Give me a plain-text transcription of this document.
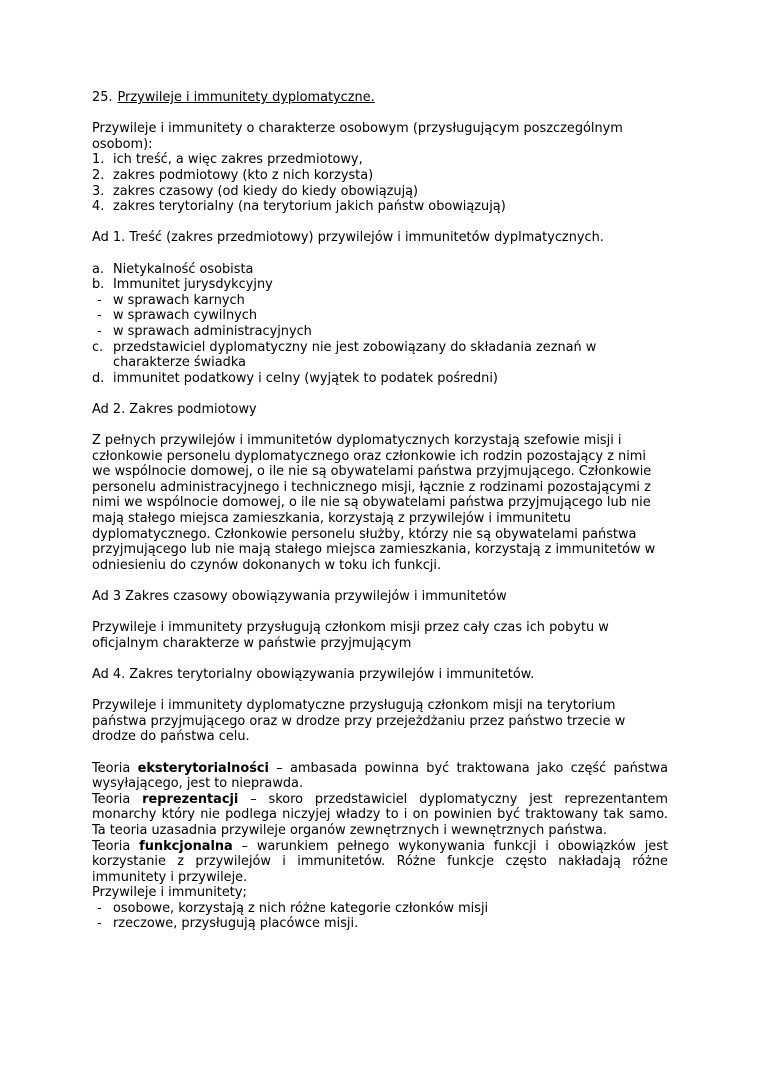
25. Przywileje i immunitety dyplomatyczne.

Przywileje i immunitety o charakterze osobowym (przysługującym poszczególnym osobom):

1. ich treść, a więc zakres przedmiotowy,
2. zakres podmiotowy (kto z nich korzysta)
3. zakres czasowy (od kiedy do kiedy obowiązują)
4. zakres terytorialny (na terytorium jakich państw obowiązują)

Ad 1. Treść (zakres przedmiotowy) przywilejów i immunitetów dyplmatycznych.

a. Nietykalność osobista
b. Immunitet jurysdykcyjny
- w sprawach karnych
- w sprawach cywilnych
- w sprawach administracyjnych
c. przedstawiciel dyplomatyczny nie jest zobowiązany do składania zeznań w charakterze świadka
d. immunitet podatkowy i celny (wyjątek to podatek pośredni)

Ad 2. Zakres podmiotowy

Z pełnych przywilejów i immunitetów dyplomatycznych korzystają szefowie misji i członkowie personelu dyplomatycznego oraz członkowie ich rodzin pozostający z nimi we wspólnocie domowej, o ile nie są obywatelami państwa przyjmującego. Członkowie personelu administracyjnego i technicznego misji, łącznie z rodzinami pozostającymi z nimi we wspólnocie domowej, o ile nie są obywatelami państwa przyjmującego lub nie mają stałego miejsca zamieszkania, korzystają z przywilejów i immunitetu dyplomatycznego. Członkowie personelu służby, którzy nie są obywatelami państwa przyjmującego lub nie mają stałego miejsca zamieszkania, korzystają z immunitetów w odniesieniu do czynów dokonanych w toku ich funkcji.

Ad 3 Zakres czasowy obowiązywania przywilejów i immunitetów

Przywileje i immunitety przysługują członkom misji przez cały czas ich pobytu w oficjalnym charakterze w państwie przyjmującym

Ad 4. Zakres terytorialny obowiązywania przywilejów i immunitetów.

Przywileje i immunitety dyplomatyczne przysługują członkom misji na terytorium państwa przyjmującego oraz w drodze przy przejeżdżaniu przez państwo trzecie w drodze do państwa celu.

Teoria eksterytorialności – ambasada powinna być traktowana jako część państwa wysyłającego, jest to nieprawda.

Teoria reprezentacji – skoro przedstawiciel dyplomatyczny jest reprezentantem monarchy który nie podlega niczyjej władzy to i on powinien być traktowany tak samo. Ta teoria uzasadnia przywileje organów zewnętrznych i wewnętrznych państwa.

Teoria funkcjonalna – warunkiem pełnego wykonywania funkcji i obowiązków jest korzystanie z przywilejów i immunitetów. Różne funkcje często nakładają różne immunitety i przywileje.

Przywileje i immunitety;

- osobowe, korzystają z nich różne kategorie członków misji
- rzeczowe, przysługują placówce misji.
